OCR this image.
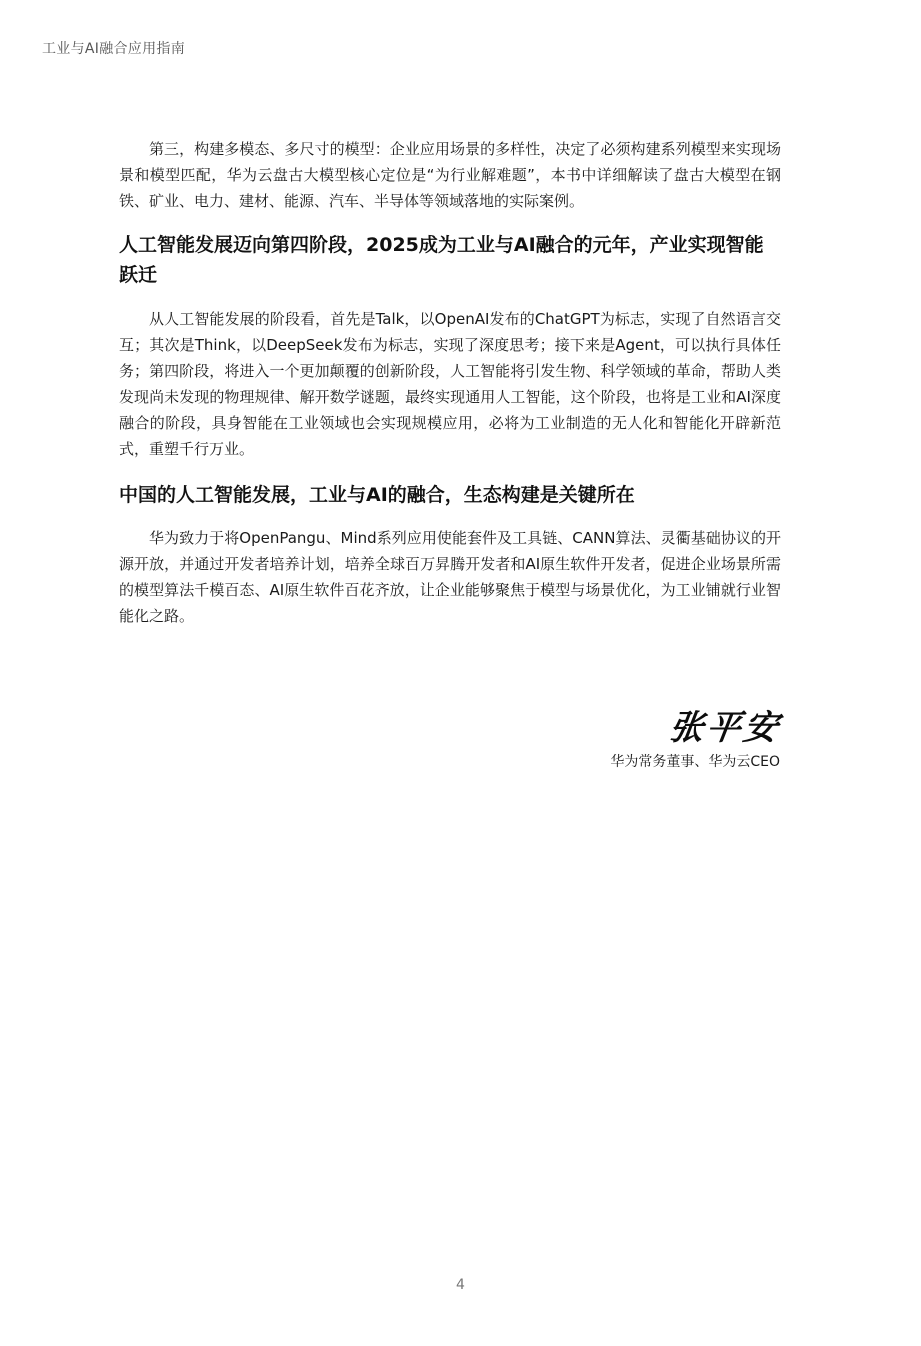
工业与AI融合应用指南

第三，构建多模态、多尺寸的模型：企业应用场景的多样性，决定了必须构建系列模型来实现场景和模型匹配，华为云盘古大模型核心定位是“为行业解难题”，本书中详细解读了盘古大模型在钢铁、矿业、电力、建材、能源、汽车、半导体等领域落地的实际案例。

人工智能发展迈向第四阶段，2025成为工业与AI融合的元年，产业实现智能跃迁

从人工智能发展的阶段看，首先是Talk，以OpenAI发布的ChatGPT为标志，实现了自然语言交互；其次是Think，以DeepSeek发布为标志，实现了深度思考；接下来是Agent，可以执行具体任务；第四阶段，将进入一个更加颠覆的创新阶段，人工智能将引发生物、科学领域的革命，帮助人类发现尚未发现的物理规律、解开数学谜题，最终实现通用人工智能，这个阶段，也将是工业和AI深度融合的阶段，具身智能在工业领域也会实现规模应用，必将为工业制造的无人化和智能化开辟新范式，重塑千行万业。

中国的人工智能发展，工业与AI的融合，生态构建是关键所在

华为致力于将OpenPangu、Mind系列应用使能套件及工具链、CANN算法、灵衢基础协议的开源开放，并通过开发者培养计划，培养全球百万昇腾开发者和AI原生软件开发者，促进企业场景所需的模型算法千模百态、AI原生软件百花齐放，让企业能够聚焦于模型与场景优化，为工业铺就行业智能化之路。

张平安
华为常务董事、华为云CEO
4
